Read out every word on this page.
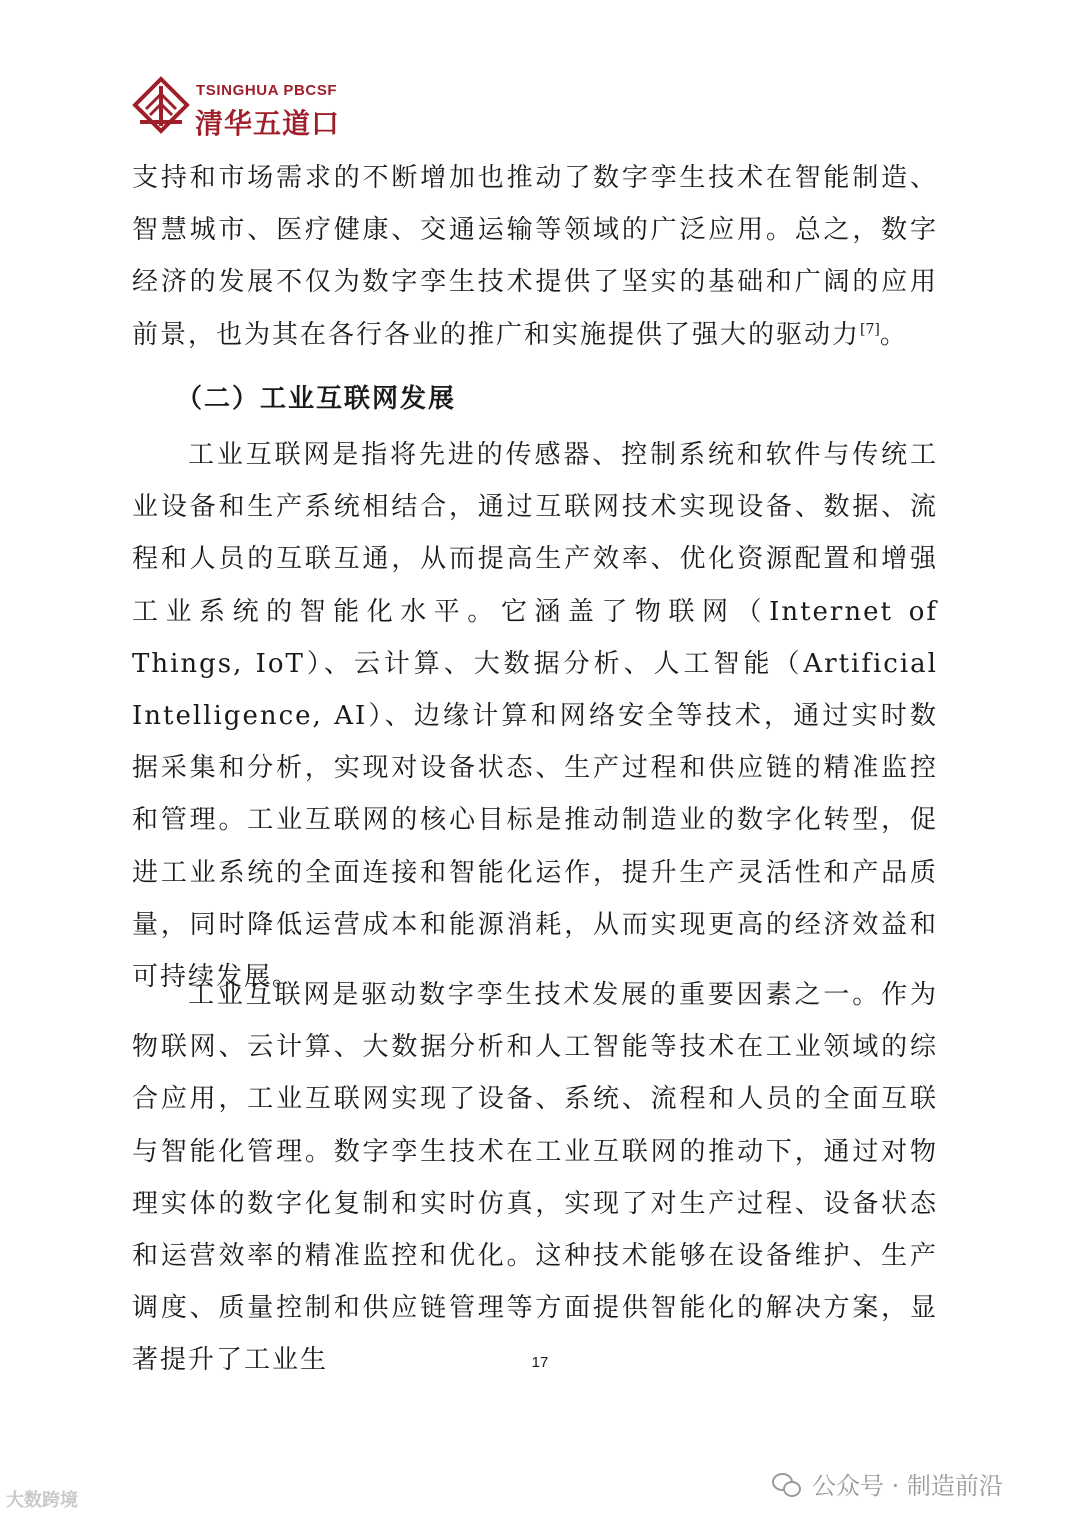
TSINGHUA PBCSF
清华五道口

支持和市场需求的不断增加也推动了数字孪生技术在智能制造、智慧城市、医疗健康、交通运输等领域的广泛应用。总之，数字经济的发展不仅为数字孪生技术提供了坚实的基础和广阔的应用前景，也为其在各行各业的推广和实施提供了强大的驱动力[7]。

（二）工业互联网发展

工业互联网是指将先进的传感器、控制系统和软件与传统工业设备和生产系统相结合，通过互联网技术实现设备、数据、流程和人员的互联互通，从而提高生产效率、优化资源配置和增强工业系统的智能化水平。它涵盖了物联网（Internet of Things, IoT）、云计算、大数据分析、人工智能（Artificial Intelligence, AI）、边缘计算和网络安全等技术，通过实时数据采集和分析，实现对设备状态、生产过程和供应链的精准监控和管理。工业互联网的核心目标是推动制造业的数字化转型，促进工业系统的全面连接和智能化运作，提升生产灵活性和产品质量，同时降低运营成本和能源消耗，从而实现更高的经济效益和可持续发展。

工业互联网是驱动数字孪生技术发展的重要因素之一。作为物联网、云计算、大数据分析和人工智能等技术在工业领域的综合应用，工业互联网实现了设备、系统、流程和人员的全面互联与智能化管理。数字孪生技术在工业互联网的推动下，通过对物理实体的数字化复制和实时仿真，实现了对生产过程、设备状态和运营效率的精准监控和优化。这种技术能够在设备维护、生产调度、质量控制和供应链管理等方面提供智能化的解决方案，显著提升了工业生	17
大数跨境
公众号 · 制造前沿
